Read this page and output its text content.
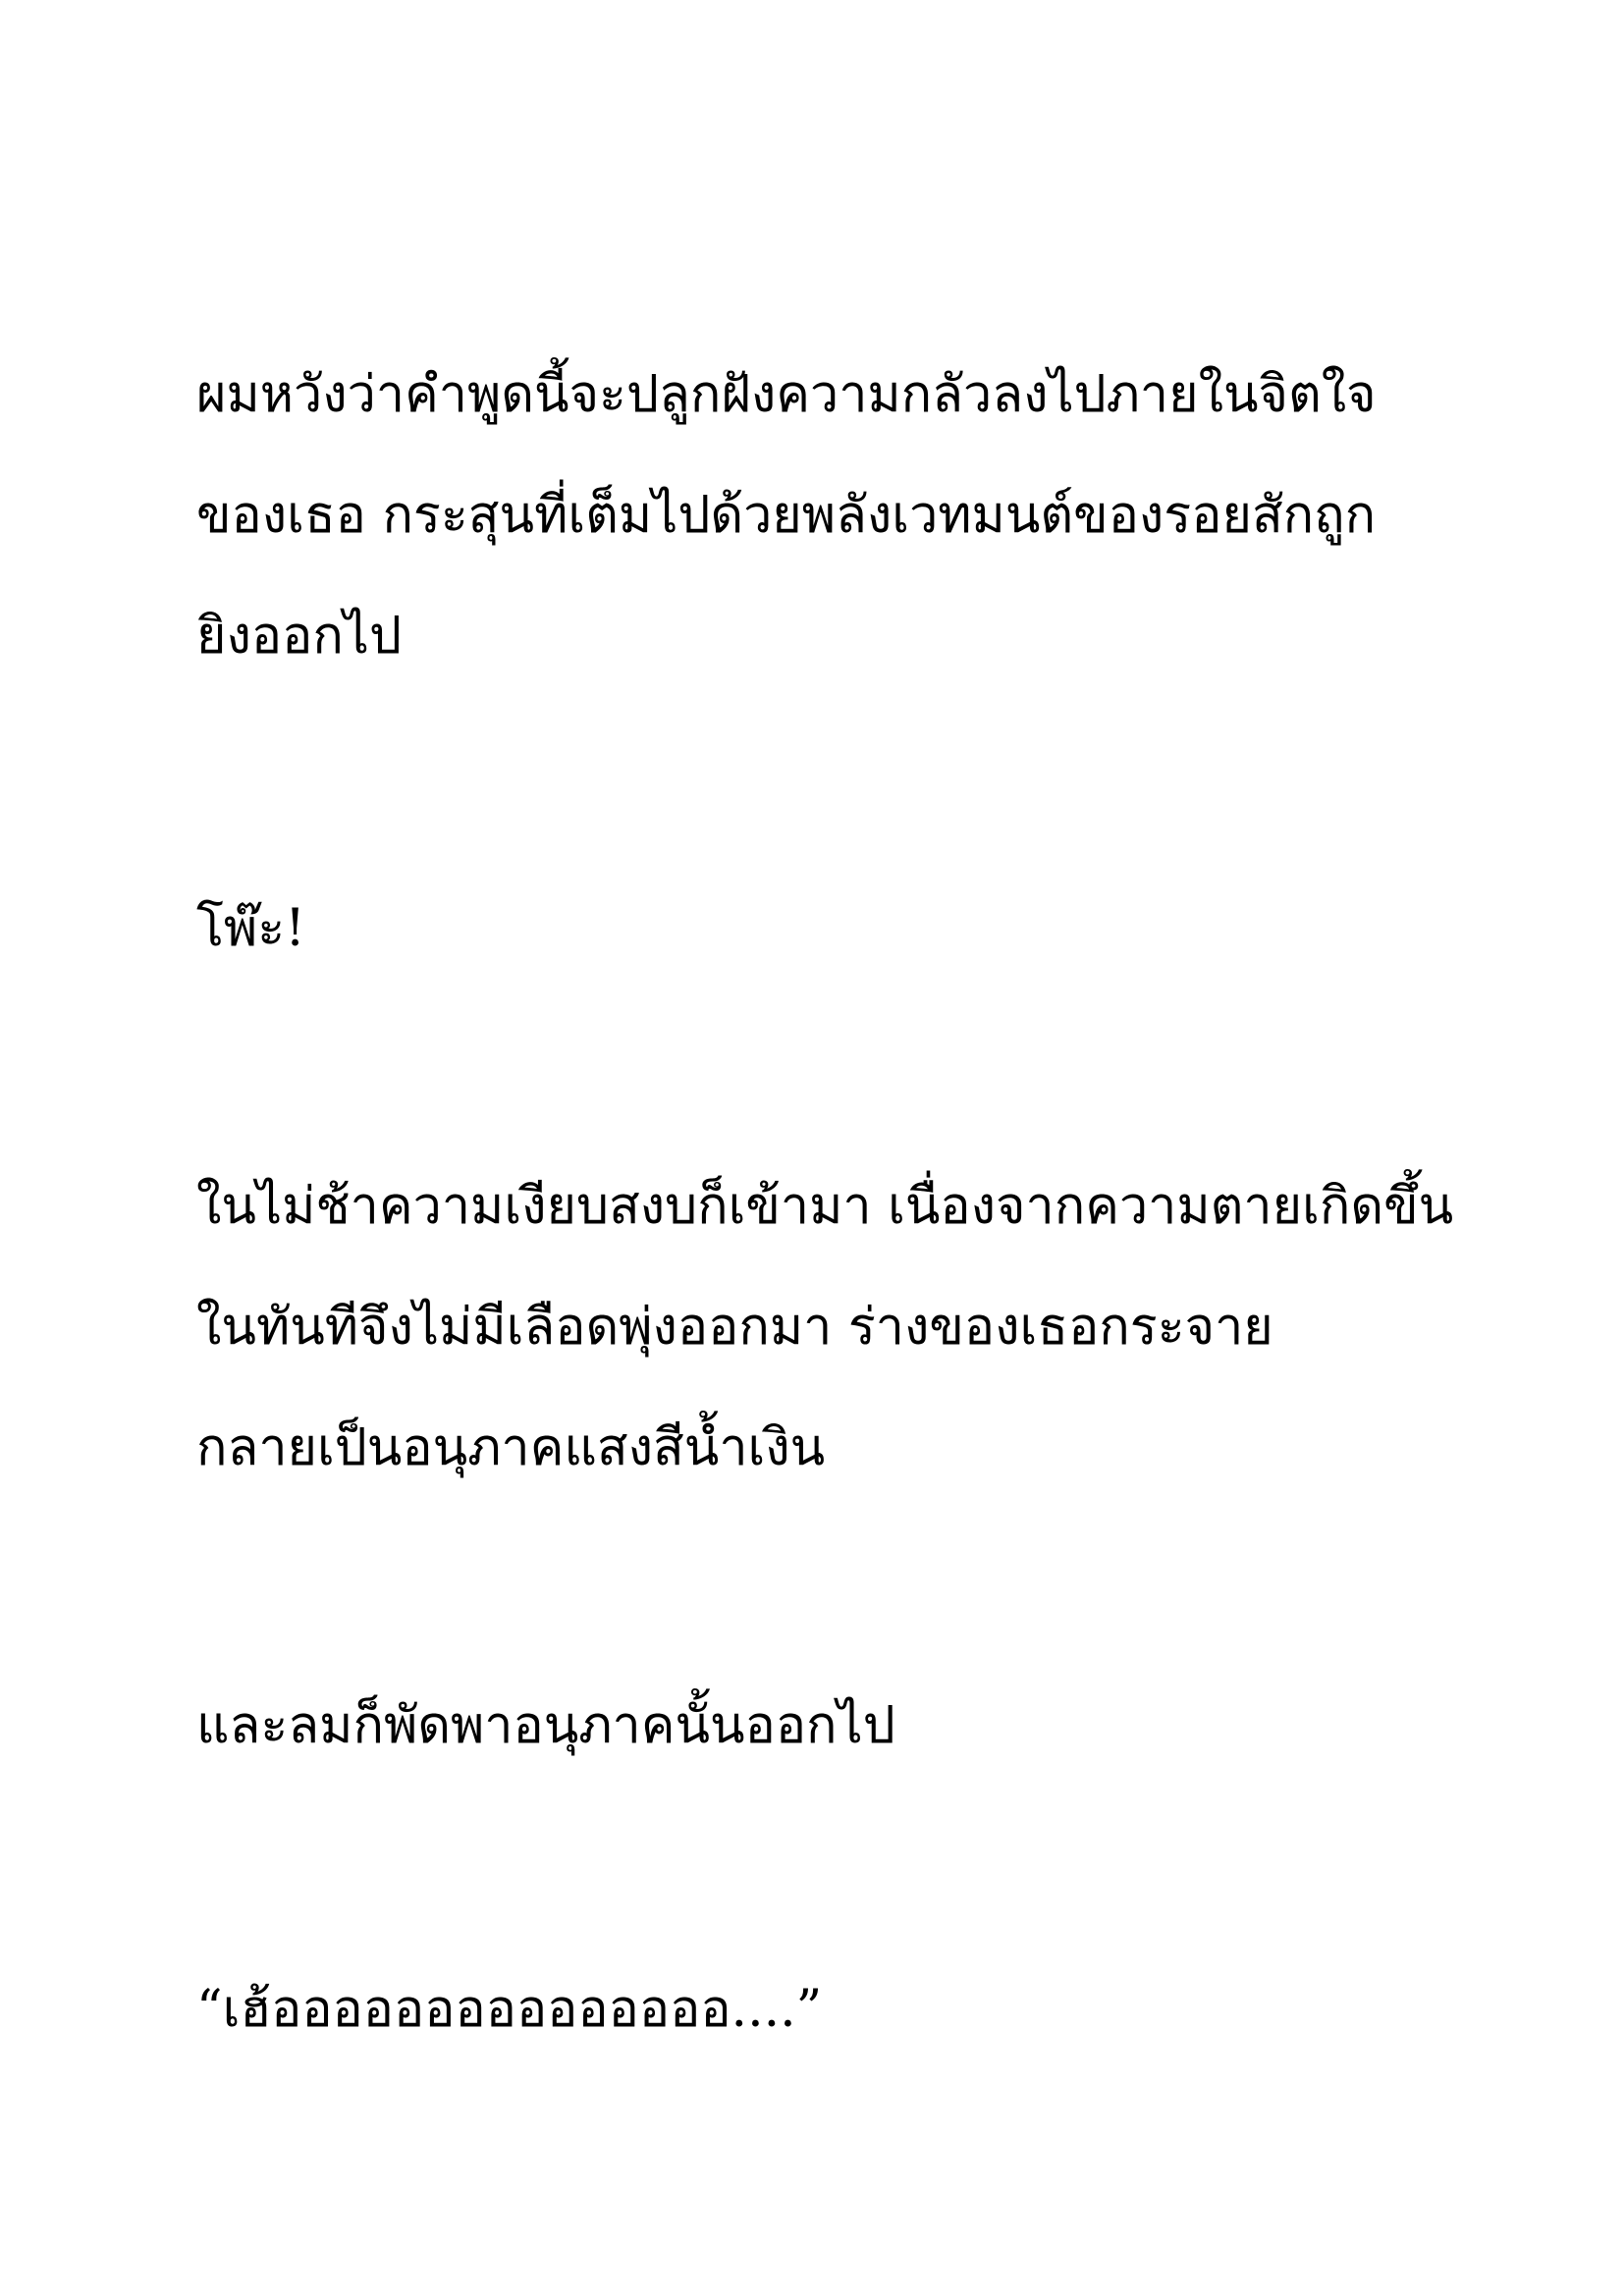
ผมหวังว่าคำพูดนี้จะปลูกฝังความกลัวลงไปภายในจิตใจ

ของเธอ กระสุนที่เต็มไปด้วยพลังเวทมนต์ของรอยสักถูก

ยิงออกไป

โพ๊ะ!

ในไม่ช้าความเงียบสงบก็เข้ามา เนื่องจากความตายเกิดขึ้น

ในทันทีจึงไม่มีเลือดพุ่งออกมา ร่างของเธอกระจาย

กลายเป็นอนุภาคแสงสีน้ำเงิน

และลมก็พัดพาอนุภาคนั้นออกไป

“เฮ้อออออออออออออออ....”
